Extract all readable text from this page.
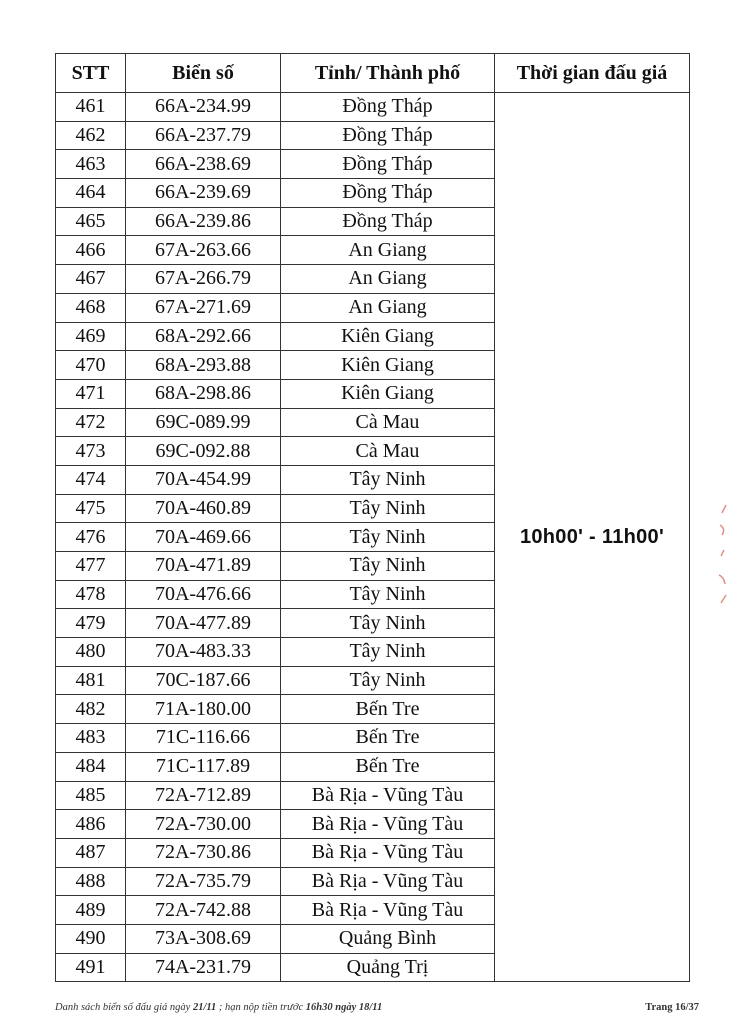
STT	Biển số	Tỉnh/ Thành phố	Thời gian đấu giá
461	66A-234.99	Đồng Tháp	10h00' - 11h00'
462	66A-237.79	Đồng Tháp	
463	66A-238.69	Đồng Tháp	
464	66A-239.69	Đồng Tháp	
465	66A-239.86	Đồng Tháp	
466	67A-263.66	An Giang	
467	67A-266.79	An Giang	
468	67A-271.69	An Giang	
469	68A-292.66	Kiên Giang	
470	68A-293.88	Kiên Giang	
471	68A-298.86	Kiên Giang	
472	69C-089.99	Cà Mau	
473	69C-092.88	Cà Mau	
474	70A-454.99	Tây Ninh	
475	70A-460.89	Tây Ninh	
476	70A-469.66	Tây Ninh	
477	70A-471.89	Tây Ninh	
478	70A-476.66	Tây Ninh	
479	70A-477.89	Tây Ninh	
480	70A-483.33	Tây Ninh	
481	70C-187.66	Tây Ninh	
482	71A-180.00	Bến Tre	
483	71C-116.66	Bến Tre	
484	71C-117.89	Bến Tre	
485	72A-712.89	Bà Rịa - Vũng Tàu	
486	72A-730.00	Bà Rịa - Vũng Tàu	
487	72A-730.86	Bà Rịa - Vũng Tàu	
488	72A-735.79	Bà Rịa - Vũng Tàu	
489	72A-742.88	Bà Rịa - Vũng Tàu	
490	73A-308.69	Quảng Bình	
491	74A-231.79	Quảng Trị	
Danh sách biển số đấu giá ngày 21/11 ; hạn nộp tiền trước 16h30 ngày 18/11	Trang 16/37
